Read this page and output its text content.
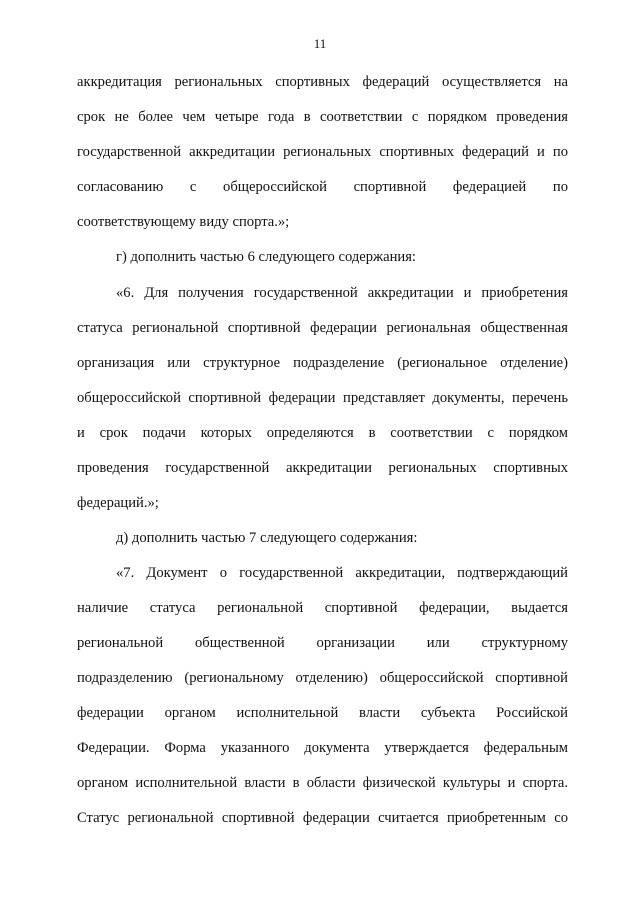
11
аккредитация региональных спортивных федераций осуществляется на
срок не более чем четыре года в соответствии с порядком проведения
государственной аккредитации региональных спортивных федераций и по
согласованию с общероссийской спортивной федерацией по
соответствующему виду спорта.»;
г) дополнить частью 6 следующего содержания:
«6. Для получения государственной аккредитации и приобретения
статуса региональной спортивной федерации региональная общественная
организация или структурное подразделение (региональное отделение)
общероссийской спортивной федерации представляет документы, перечень
и срок подачи которых определяются в соответствии с порядком
проведения государственной аккредитации региональных спортивных
федераций.»;
д) дополнить частью 7 следующего содержания:
«7. Документ о государственной аккредитации, подтверждающий
наличие статуса региональной спортивной федерации, выдается
региональной общественной организации или структурному
подразделению (региональному отделению) общероссийской спортивной
федерации органом исполнительной власти субъекта Российской
Федерации. Форма указанного документа утверждается федеральным
органом исполнительной власти в области физической культуры и спорта.
Статус региональной спортивной федерации считается приобретенным со
